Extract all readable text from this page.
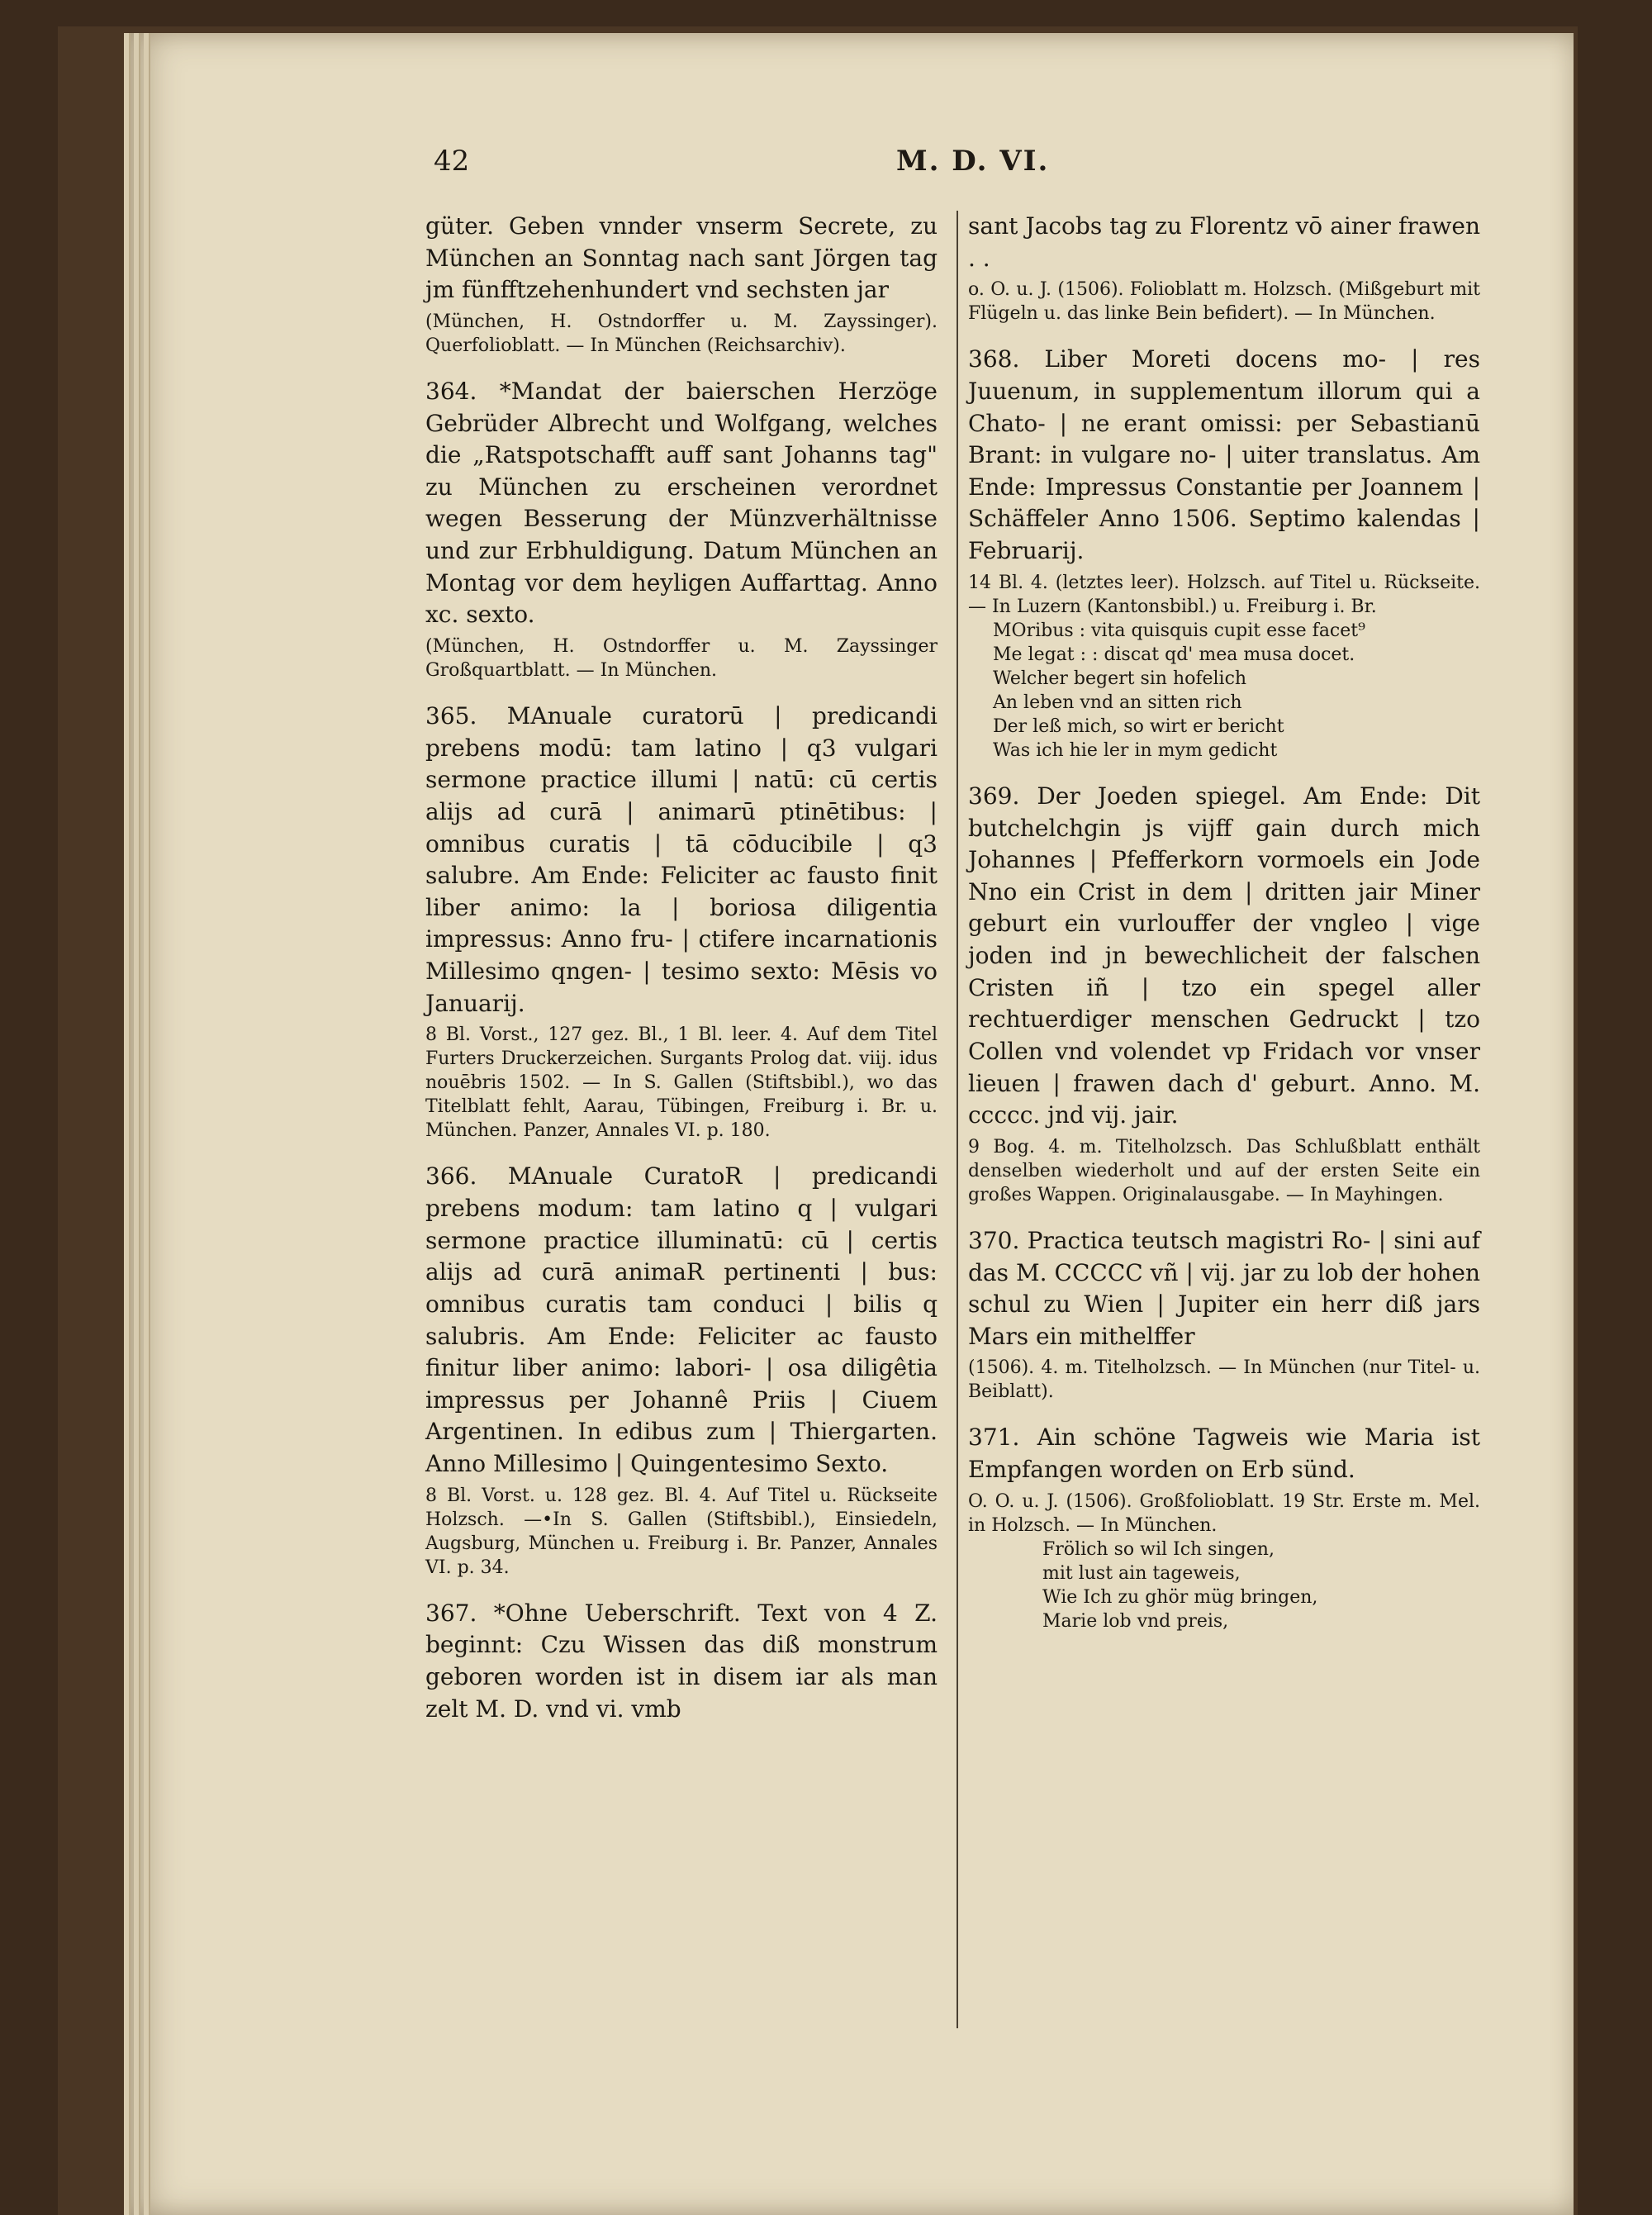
42	M. D. VI.
güter. Geben vnnder vnserm Secrete, zu München an Sonntag nach sant Jörgen tag jm fünfftzehenhundert vnd sechsten jar
(München, H. Ostndorffer u. M. Zayssinger). Querfolioblatt. — In München (Reichsarchiv).
364. *Mandat der baierschen Herzöge Gebrüder Albrecht und Wolfgang, welches die „Ratspotschafft auff sant Johanns tag" zu München zu erscheinen verordnet wegen Besserung der Münzverhältnisse und zur Erbhuldigung. Datum München an Montag vor dem heyligen Auffarttag. Anno xc. sexto.
(München, H. Ostndorffer u. M. Zayssinger Großquartblatt. — In München.
365. MAnuale curatorū | predicandi prebens modū: tam latino | q3 vulgari sermone practice illumi | natū: cū certis alijs ad curā | animarū ptinētibus: | omnibus curatis | tā cōducibile | q3 salubre. Am Ende: Feliciter ac fausto finit liber animo: la | boriosa diligentia impressus: Anno fru- | ctifere incarnationis Millesimo qngen- | tesimo sexto: Mēsis vo Januarij.
8 Bl. Vorst., 127 gez. Bl., 1 Bl. leer. 4. Auf dem Titel Furters Druckerzeichen. Surgants Prolog dat. viij. idus nouēbris 1502. — In S. Gallen (Stiftsbibl.), wo das Titelblatt fehlt, Aarau, Tübingen, Freiburg i. Br. u. München. Panzer, Annales VI. p. 180.
366. MAnuale CuratoR | predicandi prebens modum: tam latino q | vulgari sermone practice illuminatū: cū | certis alijs ad curā animaR pertinenti | bus: omnibus curatis tam conduci | bilis q salubris. Am Ende: Feliciter ac fausto finitur liber animo: labori- | osa diligêtia impressus per Johannê Priis | Ciuem Argentinen. In edibus zum | Thiergarten. Anno Millesimo | Quingentesimo Sexto.
8 Bl. Vorst. u. 128 gez. Bl. 4. Auf Titel u. Rückseite Holzsch. —•In S. Gallen (Stiftsbibl.), Einsiedeln, Augsburg, München u. Freiburg i. Br. Panzer, Annales VI. p. 34.
367. *Ohne Ueberschrift. Text von 4 Z. beginnt: Czu Wissen das diß monstrum geboren worden ist in disem iar als man zelt M. D. vnd vi. vmb
sant Jacobs tag zu Florentz vō ainer frawen . .
o. O. u. J. (1506). Folioblatt m. Holzsch. (Mißgeburt mit Flügeln u. das linke Bein befidert). — In München.
368. Liber Moreti docens mo- | res Juuenum, in supplementum illorum qui a Chato- | ne erant omissi: per Sebastianū Brant: in vulgare no- | uiter translatus. Am Ende: Impressus Constantie per Joannem | Schäffeler Anno 1506. Septimo kalendas | Februarij.
14 Bl. 4. (letztes leer). Holzsch. auf Titel u. Rückseite. — In Luzern (Kantonsbibl.) u. Freiburg i. Br.
MOribus : vita quisquis cupit esse facet⁹
Me legat : : discat qd' mea musa docet.
Welcher begert sin hofelich
An leben vnd an sitten rich
Der leß mich, so wirt er bericht
Was ich hie ler in mym gedicht
369. Der Joeden spiegel. Am Ende: Dit butchelchgin js vijff gain durch mich Johannes | Pfefferkorn vormoels ein Jode Nno ein Crist in dem | dritten jair Miner geburt ein vurlouffer der vngleo | vige joden ind jn bewechlicheit der falschen Cristen iñ | tzo ein spegel aller rechtuerdiger menschen Gedruckt | tzo Collen vnd volendet vp Fridach vor vnser lieuen | frawen dach d' geburt. Anno. M. ccccc. jnd vij. jair.
9 Bog. 4. m. Titelholzsch. Das Schlußblatt enthält denselben wiederholt und auf der ersten Seite ein großes Wappen. Originalausgabe. — In Mayhingen.
370. Practica teutsch magistri Ro- | sini auf das M. CCCCC vñ | vij. jar zu lob der hohen schul zu Wien | Jupiter ein herr diß jars Mars ein mithelffer
(1506). 4. m. Titelholzsch. — In München (nur Titel- u. Beiblatt).
371. Ain schöne Tagweis wie Maria ist Empfangen worden on Erb sünd.
O. O. u. J. (1506). Großfolioblatt. 19 Str. Erste m. Mel. in Holzsch. — In München.
Frölich so wil Ich singen,
mit lust ain tageweis,
Wie Ich zu ghör müg bringen,
Marie lob vnd preis,
